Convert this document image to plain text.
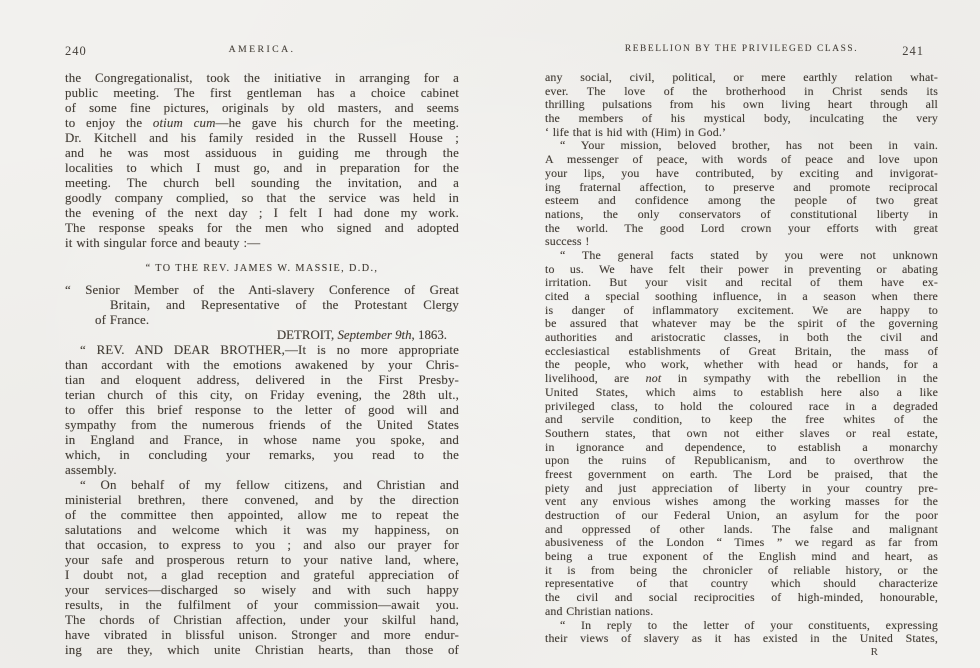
240	AMERICA.
the Congregationalist, took the initiative in arranging for a
public meeting. The first gentleman has a choice cabinet
of some fine pictures, originals by old masters, and seems
to enjoy the otium cum—he gave his church for the meeting.
Dr. Kitchell and his family resided in the Russell House ;
and he was most assiduous in guiding me through the
localities to which I must go, and in preparation for the
meeting. The church bell sounding the invitation, and a
goodly company complied, so that the service was held in
the evening of the next day ; I felt I had done my work.
The response speaks for the men who signed and adopted
it with singular force and beauty :—
“ TO THE REV. JAMES W. MASSIE, D.D.,
“ Senior Member of the Anti-slavery Conference of Great
Britain, and Representative of the Protestant Clergy
of France.
DETROIT, September 9th, 1863.
“ REV. AND DEAR BROTHER,—It is no more appropriate
than accordant with the emotions awakened by your Chris-
tian and eloquent address, delivered in the First Presby-
terian church of this city, on Friday evening, the 28th ult.,
to offer this brief response to the letter of good will and
sympathy from the numerous friends of the United States
in England and France, in whose name you spoke, and
which, in concluding your remarks, you read to the
assembly.
“ On behalf of my fellow citizens, and Christian and
ministerial brethren, there convened, and by the direction
of the committee then appointed, allow me to repeat the
salutations and welcome which it was my happiness, on
that occasion, to express to you ; and also our prayer for
your safe and prosperous return to your native land, where,
I doubt not, a glad reception and grateful appreciation of
your services—discharged so wisely and with such happy
results, in the fulfilment of your commission—await you.
The chords of Christian affection, under your skilful hand,
have vibrated in blissful unison. Stronger and more endur-
ing are they, which unite Christian hearts, than those of
REBELLION BY THE PRIVILEGED CLASS.	241
any social, civil, political, or mere earthly relation what-
ever. The love of the brotherhood in Christ sends its
thrilling pulsations from his own living heart through all
the members of his mystical body, inculcating the very
‘ life that is hid with (Him) in God.’
“ Your mission, beloved brother, has not been in vain.
A messenger of peace, with words of peace and love upon
your lips, you have contributed, by exciting and invigorat-
ing fraternal affection, to preserve and promote reciprocal
esteem and confidence among the people of two great
nations, the only conservators of constitutional liberty in
the world. The good Lord crown your efforts with great
success !
“ The general facts stated by you were not unknown
to us. We have felt their power in preventing or abating
irritation. But your visit and recital of them have ex-
cited a special soothing influence, in a season when there
is danger of inflammatory excitement. We are happy to
be assured that whatever may be the spirit of the governing
authorities and aristocratic classes, in both the civil and
ecclesiastical establishments of Great Britain, the mass of
the people, who work, whether with head or hands, for a
livelihood, are not in sympathy with the rebellion in the
United States, which aims to establish here also a like
privileged class, to hold the coloured race in a degraded
and servile condition, to keep the free whites of the
Southern states, that own not either slaves or real estate,
in ignorance and dependence, to establish a monarchy
upon the ruins of Republicanism, and to overthrow the
freest government on earth. The Lord be praised, that the
piety and just appreciation of liberty in your country pre-
vent any envious wishes among the working masses for the
destruction of our Federal Union, an asylum for the poor
and oppressed of other lands. The false and malignant
abusiveness of the London “ Times ” we regard as far from
being a true exponent of the English mind and heart, as
it is from being the chronicler of reliable history, or the
representative of that country which should characterize
the civil and social reciprocities of high-minded, honourable,
and Christian nations.
“ In reply to the letter of your constituents, expressing
their views of slavery as it has existed in the United States,
R
